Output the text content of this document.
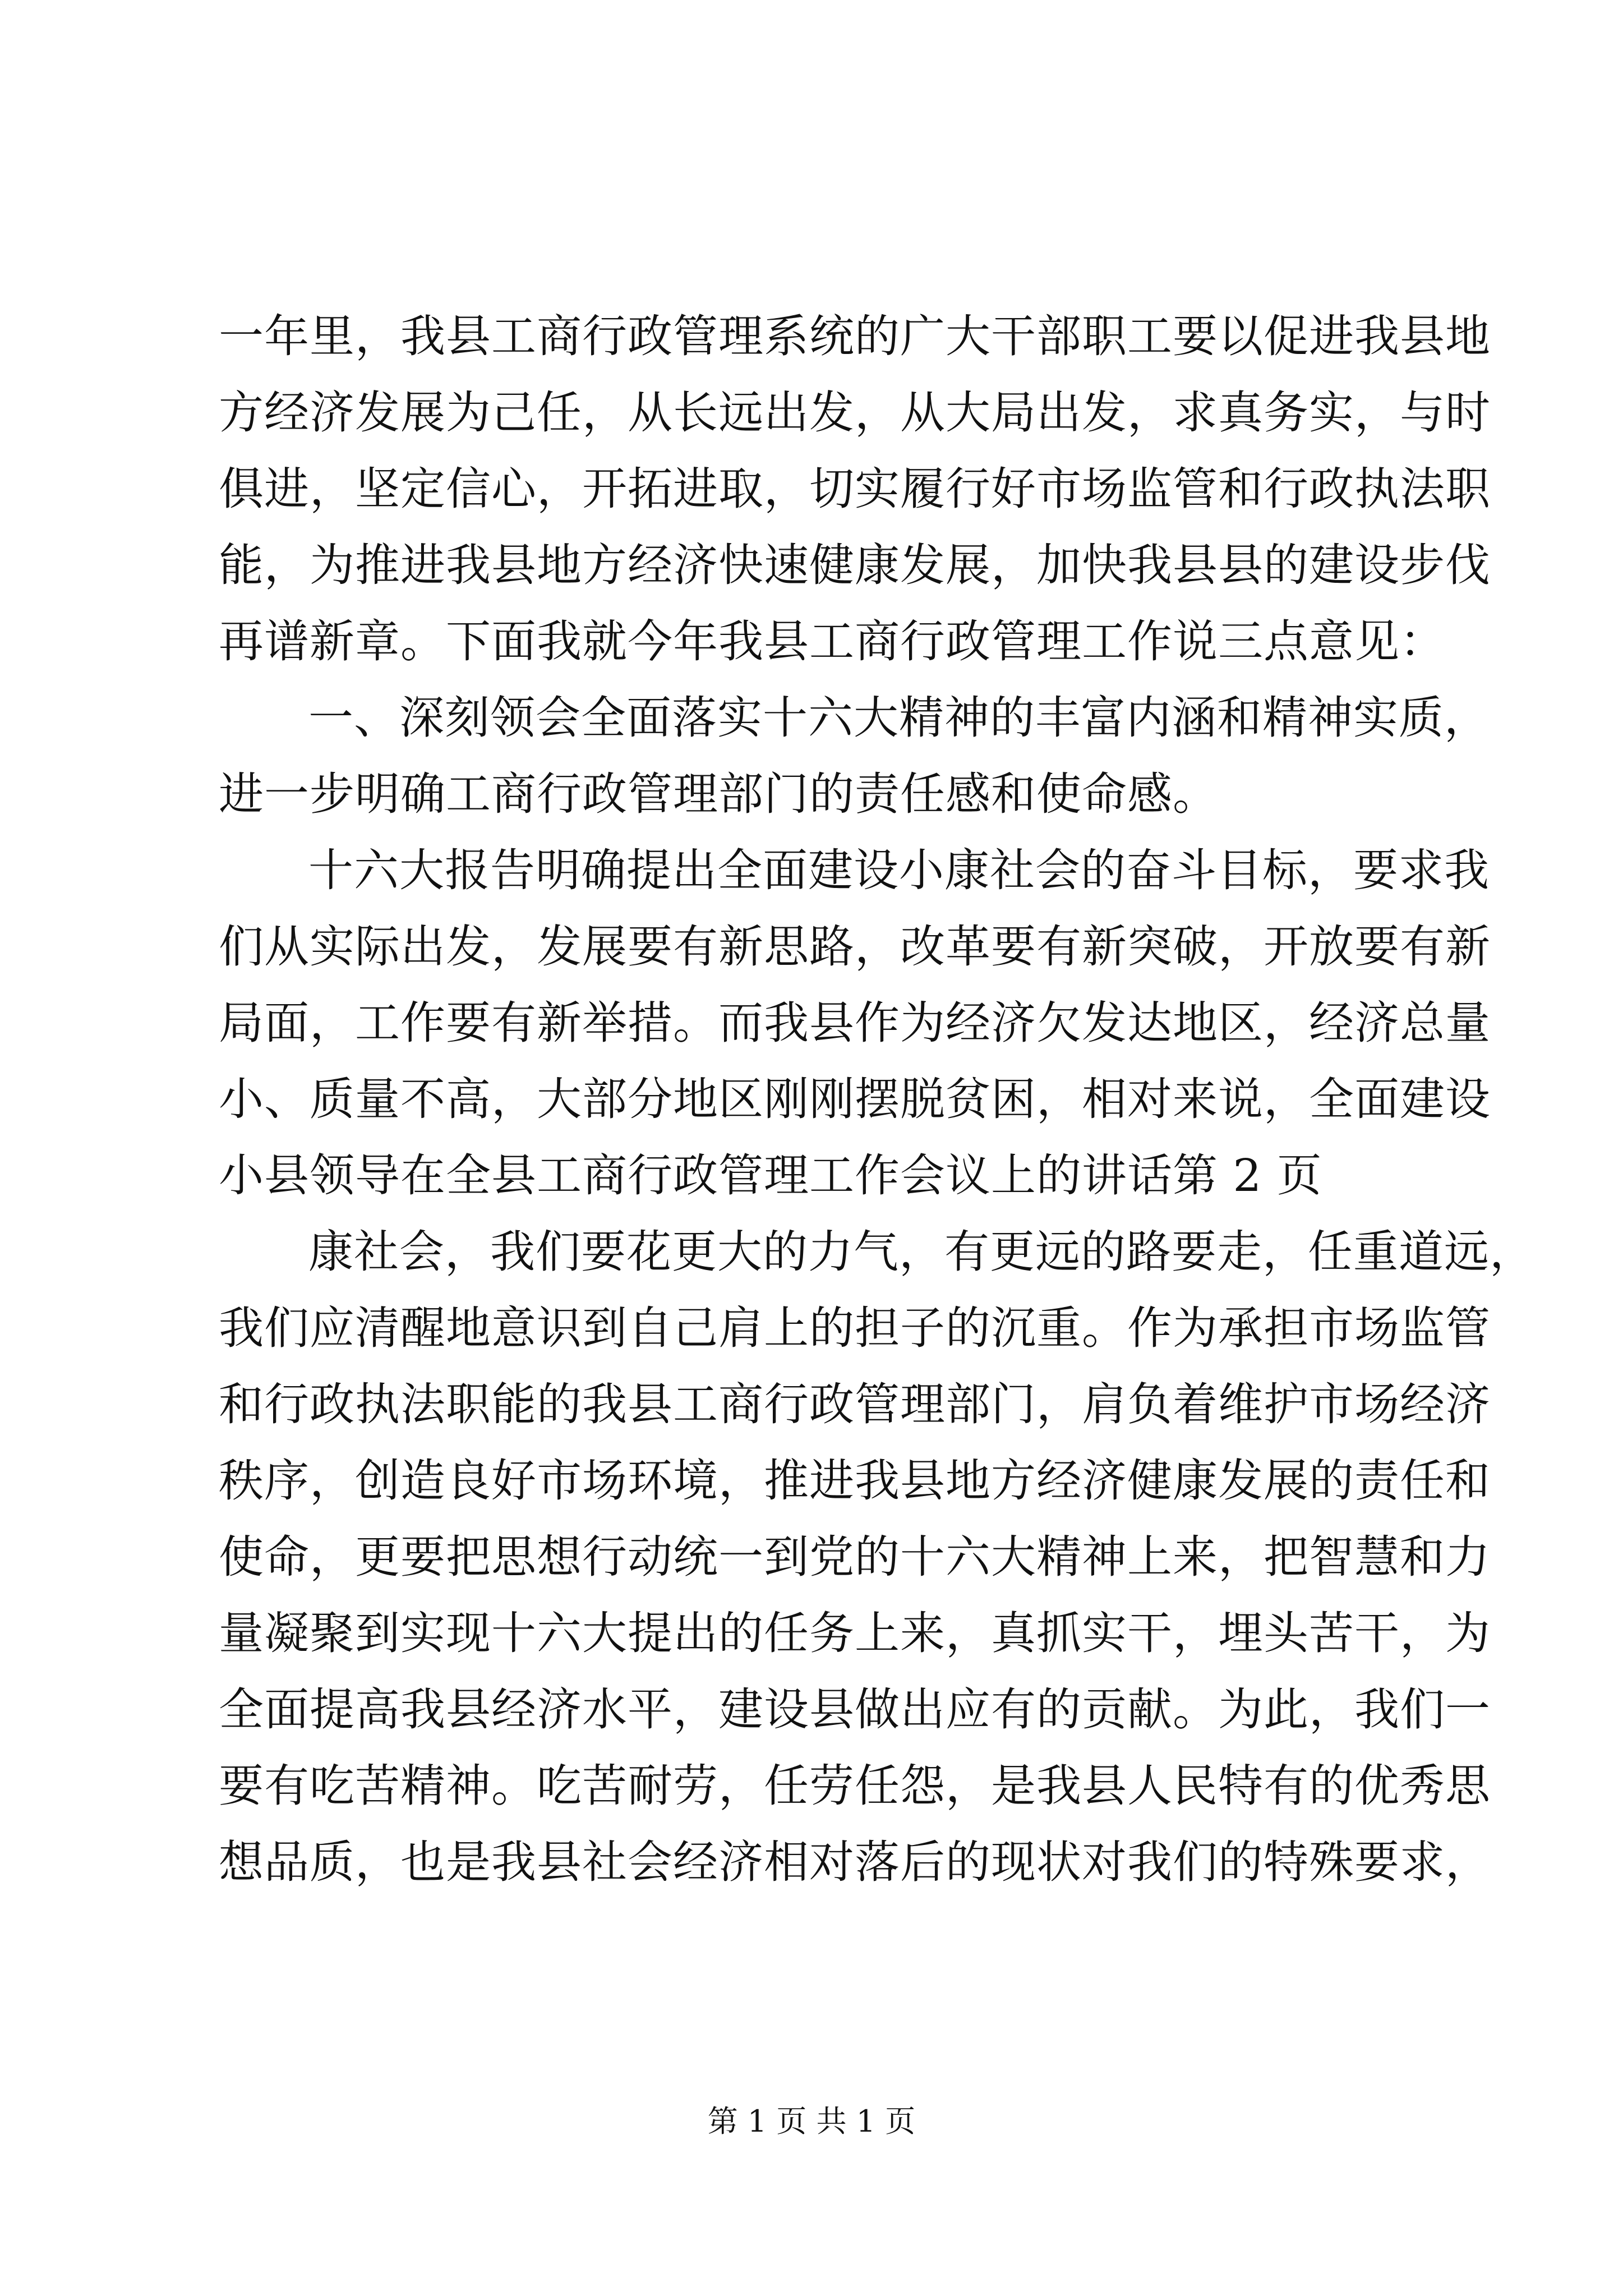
一年里，我县工商行政管理系统的广大干部职工要以促进我县地
方经济发展为己任，从长远出发，从大局出发，求真务实，与时
俱进，坚定信心，开拓进取，切实履行好市场监管和行政执法职
能，为推进我县地方经济快速健康发展，加快我县县的建设步伐
再谱新章。下面我就今年我县工商行政管理工作说三点意见：
一、深刻领会全面落实十六大精神的丰富内涵和精神实质，
进一步明确工商行政管理部门的责任感和使命感。
十六大报告明确提出全面建设小康社会的奋斗目标，要求我
们从实际出发，发展要有新思路，改革要有新突破，开放要有新
局面，工作要有新举措。而我县作为经济欠发达地区，经济总量
小、质量不高，大部分地区刚刚摆脱贫困，相对来说，全面建设
小县领导在全县工商行政管理工作会议上的讲话第 2 页
康社会，我们要花更大的力气，有更远的路要走，任重道远，
我们应清醒地意识到自己肩上的担子的沉重。作为承担市场监管
和行政执法职能的我县工商行政管理部门，肩负着维护市场经济
秩序，创造良好市场环境，推进我县地方经济健康发展的责任和
使命，更要把思想行动统一到党的十六大精神上来，把智慧和力
量凝聚到实现十六大提出的任务上来，真抓实干，埋头苦干，为
全面提高我县经济水平，建设县做出应有的贡献。为此，我们一
要有吃苦精神。吃苦耐劳，任劳任怨，是我县人民特有的优秀思
想品质，也是我县社会经济相对落后的现状对我们的特殊要求，
第 1 页 共 1 页
